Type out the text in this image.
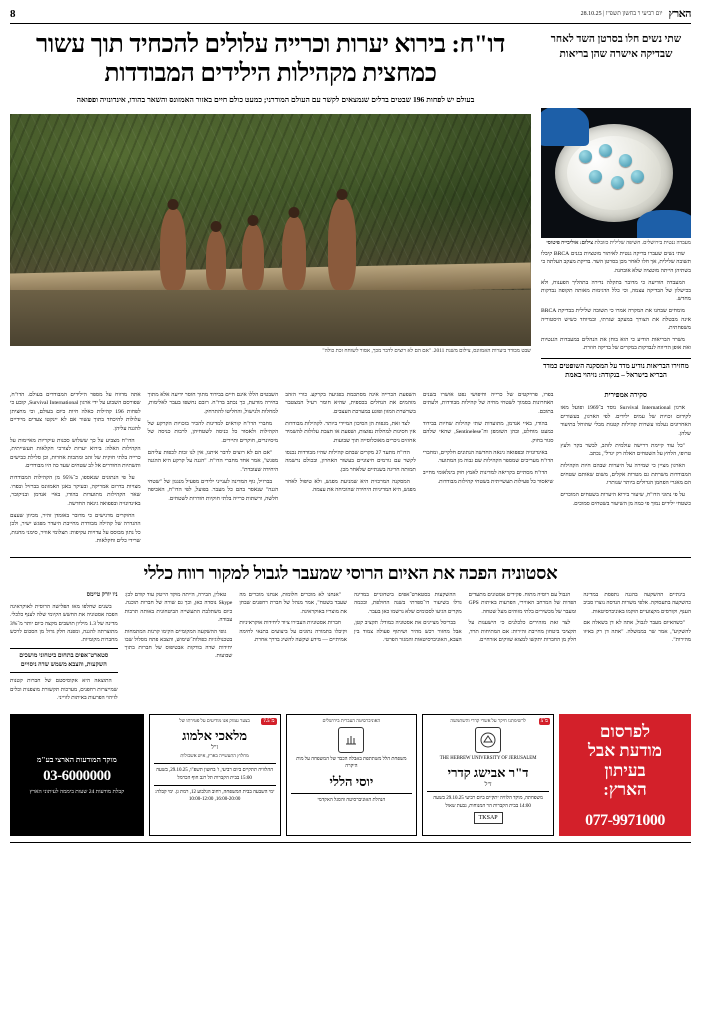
הארץ
יום רביעי ו' בחשון תשפ"ו | 28.10.25
8
שתי נשים חלו בסרטן השד לאחר שבדיקה אישרה שהן בריאות
דו"ח: בירוא יערות וכרייה עלולים להכחיד תוך עשור כמחצית מקהילות הילידים המבודדות
בעולם יש לפחות 196 שבטים בדלים שנמצאים לקשר עם העולם המודרני; כמעט כולם חיים באזור האמזונס והשאר בהודו, אינדונזיה ופפואה
מעבדה גנטית בירושלים. חשיפה שלילית כזובלת צילום: אוליבייה פיטוסי

שתי נשים שעברו בדיקה גנטית לאיתור מוטציות בגנים BRCA קיבלו תשובה שלילית, אך חלו לאחר מכן בסרטן השד. בדיקת מעקב העלתה כי בשתיהן הייתה מוטציה שלא אובחנה.

המעבדה הודיעה כי מדובר בתקלה נדירה בתהליך הפענוח, ולא בכישלון של הבדיקה עצמה, וכי כלל הדגימות מאותה תקופה נבדקות מחדש.

מומחים שבחנו את המקרה אמרו כי תשובה שלילית בבדיקת BRCA אינה מבטלת את הצורך במעקב שגרתי, ובמיוחד כשיש היסטוריה משפחתית.

משרד הבריאות הודיע כי הוא בוחן את הנהלים במעבדות הגנטיות ואת אופן הדיווח לנבדקות במקרים של בדיקה חוזרת.

מחזירו הבריאות נודיע מדד על המסקנה השופטים כמדד הבריא בישראל – בנקודה: נזיהוי באמת
שבט מבודד ביערות האמזונס, צילום משנת 2011. "אם הם לא רוצים לדבר מכך, אסור לשוחח זכת כולה"
סקירה אמפירית

ארגון Survival International נוסד ב־1969 ופועל מאז לקידום זכויות של עמים ילידים. לפי הארגון, בעשורים האחרונים נעלמו עשרות קהילות קטנות מבלי שהוחל בתיעוד שלהן.

"כל עוד קיימת דרישה עולמית לזהב, לבשר בקר ולעץ טרופי, הלחץ על השטחים האלה רק יגדל", נכתב.

הארגון מציין כי שמירה על היערות שבהם חיות הקהילות המבודדות משרתת גם מטרות אקלים, משום שאותם שטחים הם מאגרי הפחמן הגדולים ביותר שנותרו.

על פי נתוני הדו"ח, שיעור בירוא היערות בשטחים המוכרים כשטחי ילידים נמוך פי כמה מן השיעור בשטחים סמוכים.

בפרו, פרויקטים של כרייה וחיפושי נפט אושרו בשנים האחרונות בסמוך לשטחי מחיה של קהילות מבודדות, ולעתים בתוכם.

בהודו, באיי אנדמן, מתועדות שתי קהילות שחיות בבידוד כמעט מוחלט, ובהן השומפן וה־Sentinelese, שהאי שלהם סגור בחוק.

באינדונזיה ובפפואה גינאה החדשה הנתונים חלקיים, ומחברי הדו"ח מעריכים שמספר הקהילות שם גבוה מן המתועד.

הדו"ח מסתיים בקריאה למדינות לאמץ חוק בינלאומי מחייב שיאסור כל פעילות תעשייתית בשטחי קהילות מבודדות.

השפעת הכרייה אינה מסתכמת בפגיעה בקרקע. כורי הזהב מזהמים את הנחלים בכספית, שהיא חומר רעיל המצטבר בשרשרת המזון ופוגע במערכת העצבים.

לצד זאת, מגפות הן הסיכון המיידי ביותר. לקהילות מבודדות אין חסינות למחלות נפוצות, ושפעת או חצבת עלולות להשמיד אחוזים ניכרים מאוכלוסייה תוך שבועות.

הדו"ח מתעד 27 מקרים שבהם קהילות שהיו מבודדות נכנסו לקשר עם גורמים חיצוניים בעשור האחרון, ובכולם נרשמה תמותה חריגה בשנתיים שלאחר מכן.

המסקנה המרכזית היא שמניעת מפגש, ולא טיפול לאחר מפגש, היא המדיניות היחידה שהוכיחה את עצמה.

השבטים הללו אינם חיים בבידוד מתוך חוסר ידיעה אלא מתוך בחירה מודעת, כך נכתב בדו"ח. רובם נחשפו בעבר לאלימות, למחלות ולנישול, והחליטו להתרחק.

מחברי הדו"ח קוראים למדינות להכיר בזכויות הקרקע של הקהילות ולאסור כל כניסה לשטחיהן, לרבות כניסה של מיסיונרים, חוקרים ותיירים.

"אם הם לא רוצים לדבר איתנו, אין לנו זכות לכפות עליהם מפגש", אמר אחד מחברי הדו"ח. "הגנה על קרקע היא ההגנה היחידה שעובדת".

בברזיל, גוף המדינה לענייני ילידים מפעיל מנגנון של "שטחי הגנה" שנאסר בהם כל מעבר. בפועל, לפי הדו"ח, האכיפה חלשה, ורשתות כרייה בלתי חוקיות חודרות לשטחים.

אתה מדווח על מספר הילידים המבודדים בעולם. הדו"ח, שפורסם השבוע על ידי ארגון Survival International, קובע כי לפחות 196 קהילות כאלה חיות כיום בעולם, וכי מחציתן עלולות להיכחד בתוך עשור אם לא יינקטו צעדים מיידיים להגנה עליהן.

הדו"ח מצביע על כך ששלוש סכנות עיקריות מאיימות על הקהילות האלה: בירוא יערות לצורכי חקלאות תעשייתית, כרייה בלתי חוקית של זהב ומתכות אחרות, וכן סלילת כבישים ותשתיות החודרים אל לב שטחים שעד כה היו מבודדים.

על פי הנתונים שנאספו, כ־95% מן הקהילות המבודדות מצויות בדרום אמריקה, ובעיקר באגן האמזונס בברזיל ובפרו. שאר הקהילות מתועדות בהודו, באיי אנדמן ובניקובר, באינדונזיה ובפפואה גינאה החדשה.

החוקרים מדגישים כי מדובר באומדן זהיר, מכיוון שעצם ההגדרה של קהילה מבודדת מחייבת היעדר מפגש ישיר, ולכן כל נתון מבוסס על עדויות עקיפות: תצלומי אוויר, סימני מחנות, שרידי כלים וחקלאות.

אסטוניה הפכה את האיום הרוסי שמעבר לגבול למקור רווח כללי

בינתיים ההשקעה בהגנה נתפסת במדינה כהשקעה בתעסוקה. אלפי משרות הנדסה נוצרו סביב הענף, וקורסים מקצועיים הוקמו באוניברסיטאות.

"כשהאיום מעבר לגבול, אתה לא דן בשאלה אם להשקיע", אמר שר בממשלה. "אתה דן רק באיזו מהירות".

הגבול עם רוסיה מתוח. פקידים אסטונים מתעדים הפרות של המרחב האווירי, הפרעות באיתות GPS ומעבר של מכשירים בלתי מזוהים מעל שטחה.

לצד זאת מזהירים כלכלנים כי הישענות על תקציבי ביטחון מחייבת זהירות: אם המתיחות תרד, חלק מן החברות יתקשו למצוא שווקים אזרחיים.

ההשקעות בסטארט־אפים ביטחוניים במדינה גדלו בשיעור דו־ספרתי בשנה החולפת, ובכמה מקרים הגיעו לסכומים שלא נרשמו כאן בעבר.

בבריסל מציינים את אסטוניה כמודל: תקציב קטן, אבל מחזור רכש מהיר ושיתוף פעולה צמוד בין הצבא, האוניברסיטאות והמגזר הפרטי.

"אנחנו לא מוכרים חלומות, אנחנו מוכרים מה שעבד בשטח", אמר מנהל של חברת רחפנים שבחן את מוצריו באוקראינה.

חברות אסטוניות העבירו ציוד ליחידות אוקראיניות וקיבלו בתמורה נתונים על ביצועים בתנאי לחימה אמיתיים — מידע שקשה להשיג בדרך אחרת.

טאלין, הבירה, הייתה מוקד הייטק עוד קודם לכן: Skype נוסדה כאן, וכך גם שורה של חברות תוכנה. כיום משתלבת התעשייה הביטחונית באותה תרבות עבודה.

גופי ההשקעה המקומיים הקימו קרנות המתמחות בטכנולוגיות כפולות־שימוש, והצבא פתח מסלול שבו יחידות שדה בודקות אבטיפוס של חברות בתוך שבועות.

ניו יורק טיימס

בשנים שחלפו מאז הפלישה הרוסית לאוקראינה הפכה אסטוניה את החשש הקיומי שלה לענף כלכלי. מדינה של 1.3 מיליון תושבים מקצה כיום יותר מ־3% מתוצרתה להגנה, ומפנה חלק גדול מן הסכום לרכש מחברות מקומיות.

סטארט־אפים בתחום ביטחוני מושכים השקעות, והצבא משמש שדה ניסויים

התוצאה היא אקוסיסטם של חברות קטנות שמייצרות רחפנים, מערכות תקשורת מוצפנות וכלים לזיהוי הפרעות באיתות לווייני.

לפרסום
מודעת אבל
בעיתון
הארץ:
077-9971000
מ־5
לרשימתנו חיקר על אשרי קדרי והשתמשה
THE HEBREW UNIVERSITY OF JERUSALEM
ד"ר אבישג קדרי
ז"ל
משפחתה, מוקד הלוויה יתקיים ביום רביעי 29.10.25 בשעה 14:00 בבית הקברות הר המנוחות, גבעת שאול
TKSAP
האוניברסיטה העברית בירושלים
משפחת הלל משתתפת באבלה הכבד של המשפחה על מות היקרה
יוסי הללי
הנהלת האוניברסיטה והסגל האקדמי
מ־7.5
בצער עמוק אנו מודיעים על פטירתו של
מלאכי אלמוג
ז"ל
מחלוץ התעשייה בארץ, איש אשכולות
ההלוויה תתקיים ביום רביעי, ז' בחשון תשפ"ו, 29.10.25, בשעה 15:00 בבית הקברות תל רגב חוף הכרמל
ימי השבעה בבית המשפחה, רחוב הגלבוע 12, רמת גן. ימי קבלה: 16:00-20:00, 10:00-12:00
מוקד המודעות הארצי בע"מ
03-6000000
קבלת מודעות 24 שעות ביממה לעיתוני הארץ
